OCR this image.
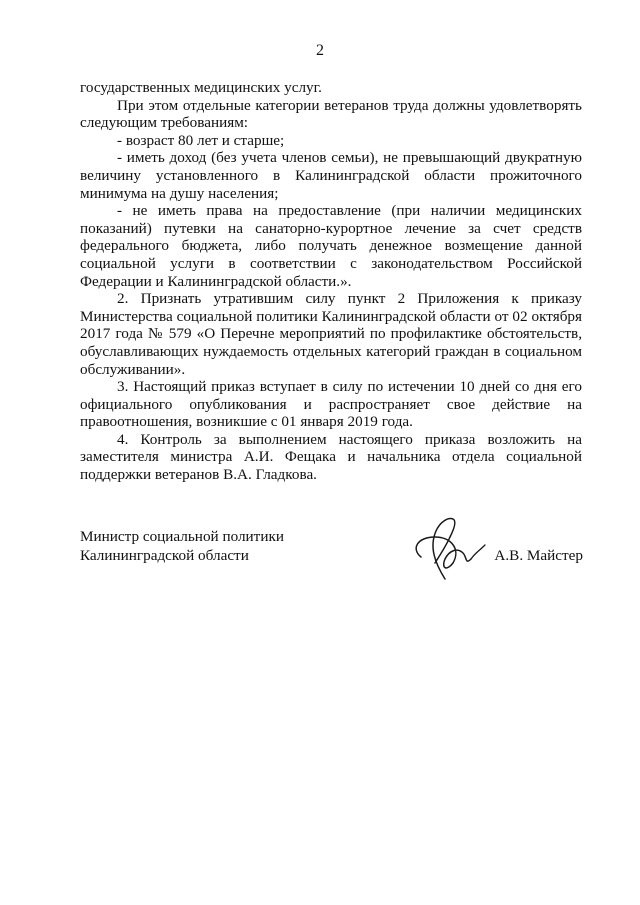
2

государственных медицинских услуг.

При этом отдельные категории ветеранов труда должны удовлетворять следующим требованиям:

- возраст 80 лет и старше;

- иметь доход (без учета членов семьи), не превышающий двукратную величину установленного в Калининградской области прожиточного минимума на душу населения;

- не иметь права на предоставление (при наличии медицинских показаний) путевки на санаторно-курортное лечение за счет средств федерального бюджета, либо получать денежное возмещение данной социальной услуги в соответствии с законодательством Российской Федерации и Калининградской области.».

2. Признать утратившим силу пункт 2 Приложения к приказу Министерства социальной политики Калининградской области от 02 октября 2017 года № 579 «О Перечне мероприятий по профилактике обстоятельств, обуславливающих нуждаемость отдельных категорий граждан в социальном обслуживании».

3. Настоящий приказ вступает в силу по истечении 10 дней со дня его официального опубликования и распространяет свое действие на правоотношения, возникшие с 01 января 2019 года.

4. Контроль за выполнением настоящего приказа возложить на заместителя министра А.И. Фещака и начальника отдела социальной поддержки ветеранов В.А. Гладкова.

Министр социальной политики
Калининградской области	А.В. Майстер
